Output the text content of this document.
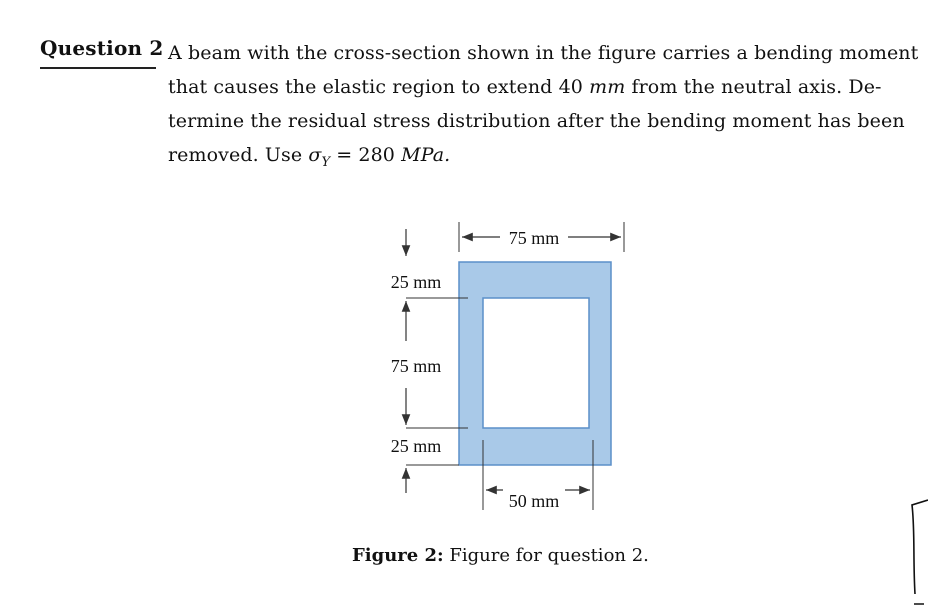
Question 2 A beam with the cross-section shown in the figure carries a bending moment
that causes the elastic region to extend 40 mm from the neutral axis. De-
termine the residual stress distribution after the bending moment has been
removed. Use $\sigma_Y = 280$ MPa.
75 mm
25 mm
75 mm
25 mm
50 mm
Figure 2: Figure for question 2.
